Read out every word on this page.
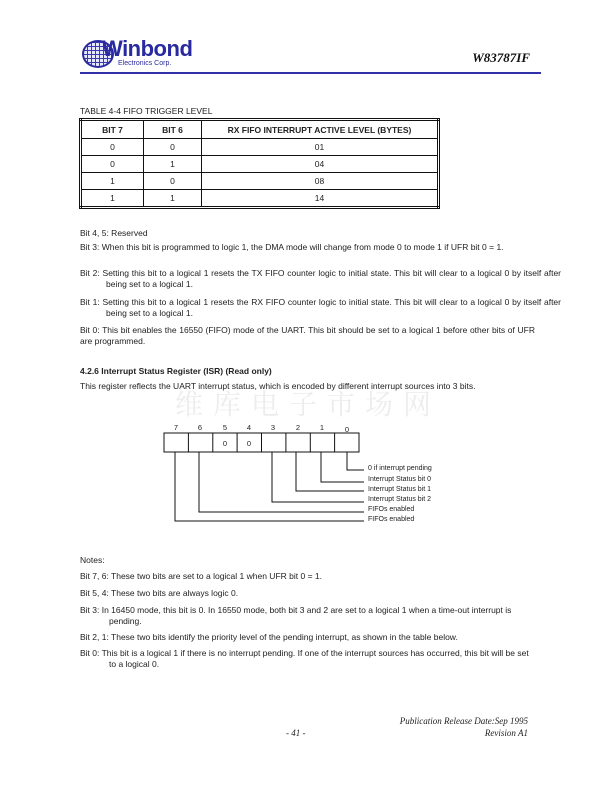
Winbond
Electronics Corp.	W83787IF
TABLE 4-4 FIFO TRIGGER LEVEL
BIT 7	BIT 6	RX FIFO INTERRUPT ACTIVE LEVEL (BYTES)
0	0	01
0	1	04
1	0	08
1	1	14
Bit 4, 5: Reserved
Bit 3: When this bit is programmed to logic 1, the DMA mode will change from mode 0 to mode 1 if UFR bit 0 = 1.
Bit 2: Setting this bit to a logical 1 resets the TX FIFO counter logic to initial state. This bit will clear to a logical 0 by itself after being set to a logical 1.
Bit 1: Setting this bit to a logical 1 resets the RX FIFO counter logic to initial state. This bit will clear to a logical 0 by itself after being set to a logical 1.
Bit 0: This bit enables the 16550 (FIFO) mode of the UART. This bit should be set to a logical 1 before other bits of UFR are programmed.
4.2.6 Interrupt Status Register (ISR) (Read only)
This register reflects the UART interrupt status, which is encoded by different interrupt sources into 3 bits.
维库电子市场网
7	6	5	4	3	2	1	0
0	0
0 if interrupt pending
Interrupt Status bit 0
Interrupt Status bit 1
Interrupt Status bit 2
FIFOs enabled
FIFOs enabled
Notes:
Bit 7, 6: These two bits are set to a logical 1 when UFR bit 0 = 1.
Bit 5, 4: These two bits are always logic 0.
Bit 3: In 16450 mode, this bit is 0. In 16550 mode, both bit 3 and 2 are set to a logical 1 when a time-out interrupt is pending.
Bit 2, 1: These two bits identify the priority level of the pending interrupt, as shown in the table below.
Bit 0: This bit is a logical 1 if there is no interrupt pending. If one of the interrupt sources has occurred, this bit will be set to a logical 0.
Publication Release Date:Sep 1995
- 41 -	Revision A1
